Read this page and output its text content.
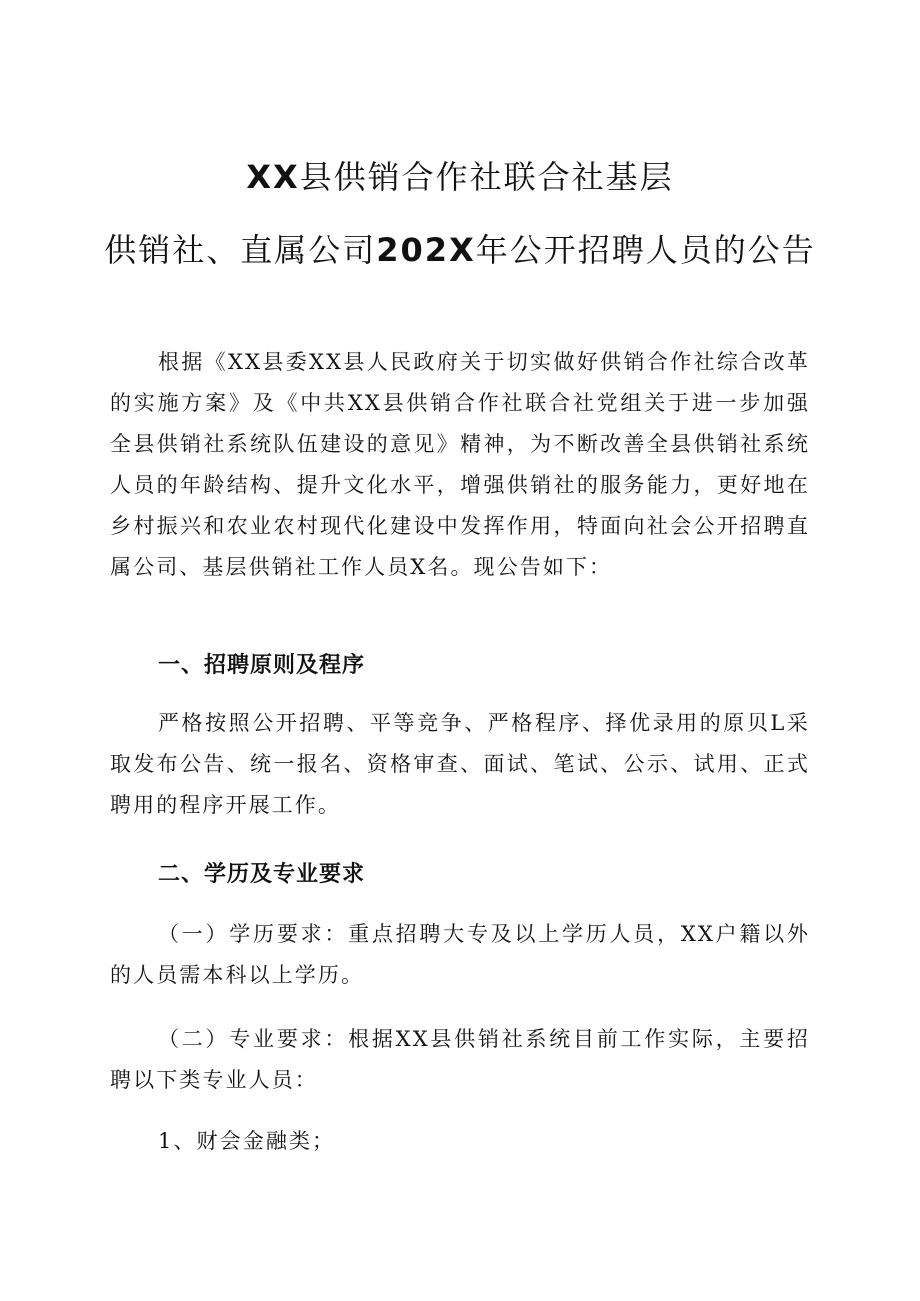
XX县供销合作社联合社基层
供销社、直属公司202X年公开招聘人员的公告

根据《XX县委XX县人民政府关于切实做好供销合作社综合改革的实施方案》及《中共XX县供销合作社联合社党组关于进一步加强全县供销社系统队伍建设的意见》精神，为不断改善全县供销社系统人员的年龄结构、提升文化水平，增强供销社的服务能力，更好地在乡村振兴和农业农村现代化建设中发挥作用，特面向社会公开招聘直属公司、基层供销社工作人员X名。现公告如下：

一、招聘原则及程序

严格按照公开招聘、平等竞争、严格程序、择优录用的原贝L采取发布公告、统一报名、资格审查、面试、笔试、公示、试用、正式聘用的程序开展工作。

二、学历及专业要求

（一）学历要求：重点招聘大专及以上学历人员，XX户籍以外的人员需本科以上学历。

（二）专业要求：根据XX县供销社系统目前工作实际，主要招聘以下类专业人员：

1、财会金融类；
